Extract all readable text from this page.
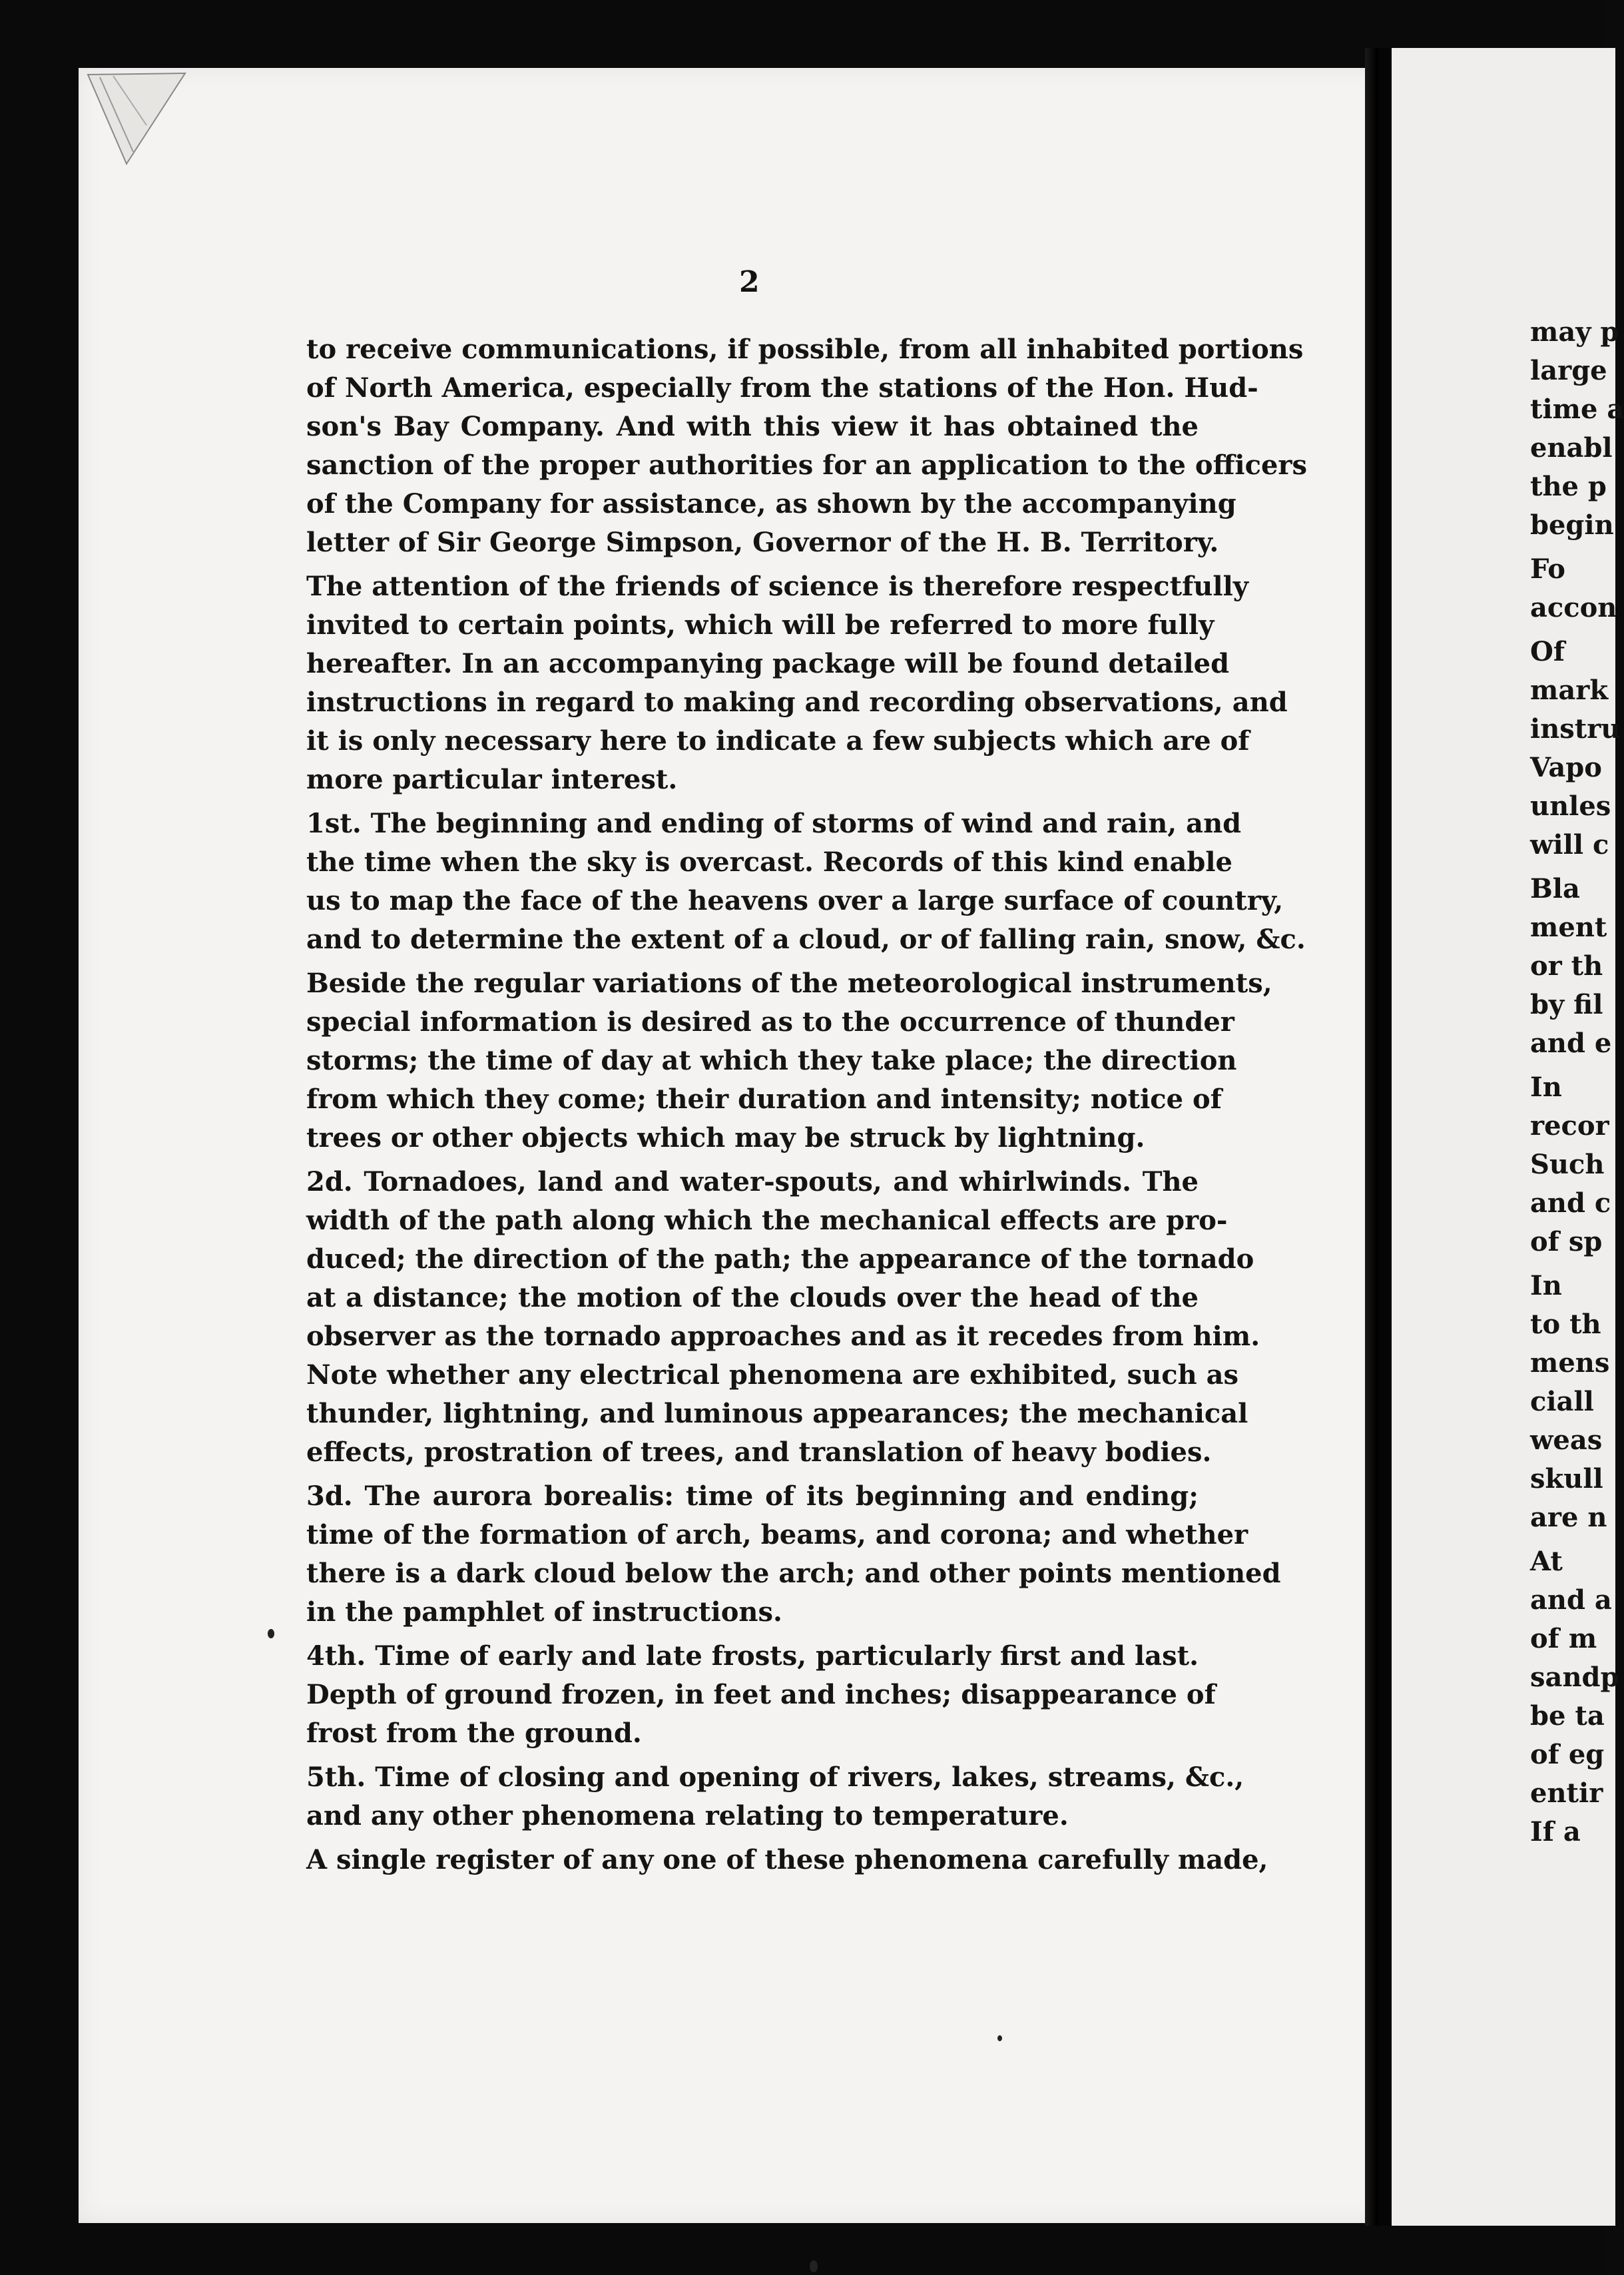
2
to receive communications, if possible, from all inhabited portions
of North America, especially from the stations of the Hon. Hud-
son's Bay Company. And with this view it has obtained the
sanction of the proper authorities for an application to the officers
of the Company for assistance, as shown by the accompanying
letter of Sir George Simpson, Governor of the H. B. Territory.
The attention of the friends of science is therefore respectfully
invited to certain points, which will be referred to more fully
hereafter. In an accompanying package will be found detailed
instructions in regard to making and recording observations, and
it is only necessary here to indicate a few subjects which are of
more particular interest.
1st. The beginning and ending of storms of wind and rain, and
the time when the sky is overcast. Records of this kind enable
us to map the face of the heavens over a large surface of country,
and to determine the extent of a cloud, or of falling rain, snow, &c.
Beside the regular variations of the meteorological instruments,
special information is desired as to the occurrence of thunder
storms; the time of day at which they take place; the direction
from which they come; their duration and intensity; notice of
trees or other objects which may be struck by lightning.
2d. Tornadoes, land and water-spouts, and whirlwinds. The
width of the path along which the mechanical effects are pro-
duced; the direction of the path; the appearance of the tornado
at a distance; the motion of the clouds over the head of the
observer as the tornado approaches and as it recedes from him.
Note whether any electrical phenomena are exhibited, such as
thunder, lightning, and luminous appearances; the mechanical
effects, prostration of trees, and translation of heavy bodies.
3d. The aurora borealis: time of its beginning and ending;
time of the formation of arch, beams, and corona; and whether
there is a dark cloud below the arch; and other points mentioned
in the pamphlet of instructions.
4th. Time of early and late frosts, particularly first and last.
Depth of ground frozen, in feet and inches; disappearance of
frost from the ground.
5th. Time of closing and opening of rivers, lakes, streams, &c.,
and any other phenomena relating to temperature.
A single register of any one of these phenomena carefully made,
may p
large
time a
enabl
the p
begin
Fo
accon
Of
mark
instru
Vapo
unles
will c
Bla
ment
or th
by fil
and e
In
recor
Such
and c
of sp
In
to th
mens
ciall
weas
skull
are n
At
and a
of m
sandp
be ta
of eg
entir
If a
